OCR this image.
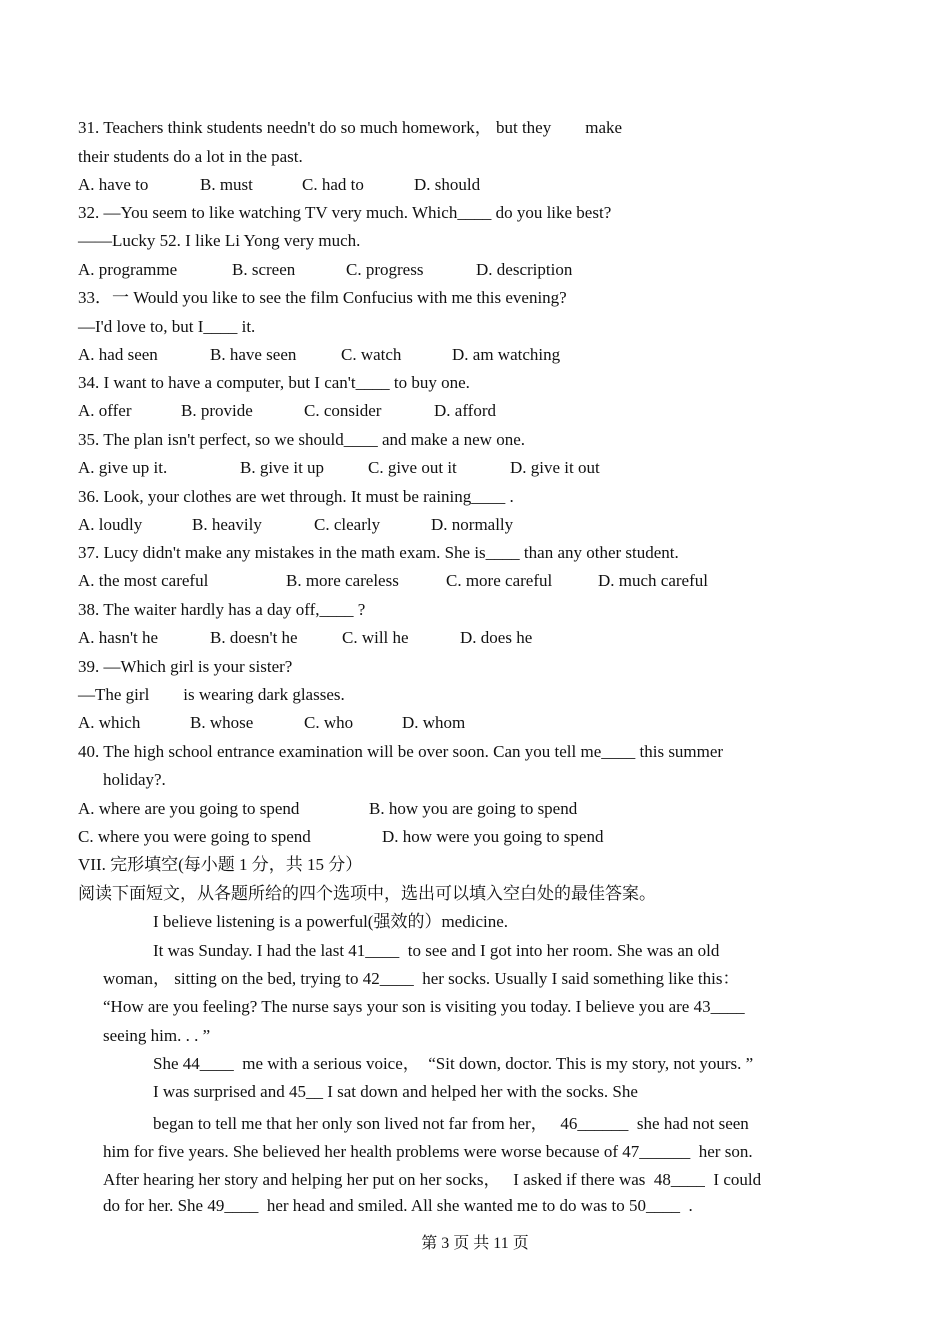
31. Teachers think students needn't do so much homework， but they        make
their students do a lot in the past.
A. have to	B. must	C. had to	D. should
32. —You seem to like watching TV very much. Which____ do you like best?
——Lucky 52. I like Li Yong very much.
A. programme	B. screen	C. progress	D. description
33．一 Would you like to see the film Confucius with me this evening?
—I'd love to, but I____ it.
A. had seen	B. have seen	C. watch	D. am watching
34. I want to have a computer, but I can't____ to buy one.
A. offer	B. provide	C. consider	D. afford
35. The plan isn't perfect, so we should____ and make a new one.
A. give up it.	B. give it up	C. give out it	D. give it out
36. Look, your clothes are wet through. It must be raining____ .
A. loudly	B. heavily	C. clearly	D. normally
37. Lucy didn't make any mistakes in the math exam. She is____ than any other student.
A. the most careful	B. more careless	C. more careful	D. much careful
38. The waiter hardly has a day off,____ ?
A. hasn't he	B. doesn't he	C. will he	D. does he
39. —Which girl is your sister?
—The girl        is wearing dark glasses.
A. which	B. whose	C. who	D. whom
40. The high school entrance examination will be over soon. Can you tell me____ this summer
holiday?.
A. where are you going to spend	B. how you are going to spend
C. where you were going to spend	D. how were you going to spend
VII. 完形填空(每小题 1 分，共 15 分）
阅读下面短文，从各题所给的四个选项中，选出可以填入空白处的最佳答案。
I believe listening is a powerful(强效的）medicine.
It was Sunday. I had the last 41____  to see and I got into her room. She was an old
woman， sitting on the bed, trying to 42____  her socks. Usually I said something like this：
“How are you feeling? The nurse says your son is visiting you today. I believe you are 43____
seeing him. . . ”
She 44____  me with a serious voice，  “Sit down, doctor. This is my story, not yours. ”
I was surprised and 45__ I sat down and helped her with the socks. She
began to tell me that her only son lived not far from her，   46______  she had not seen
him for five years. She believed her health problems were worse because of 47______  her son.
After hearing her story and helping her put on her socks，   I asked if there was  48____  I could
do for her. She 49____  her head and smiled. All she wanted me to do was to 50____  .
第 3 页 共 11 页
